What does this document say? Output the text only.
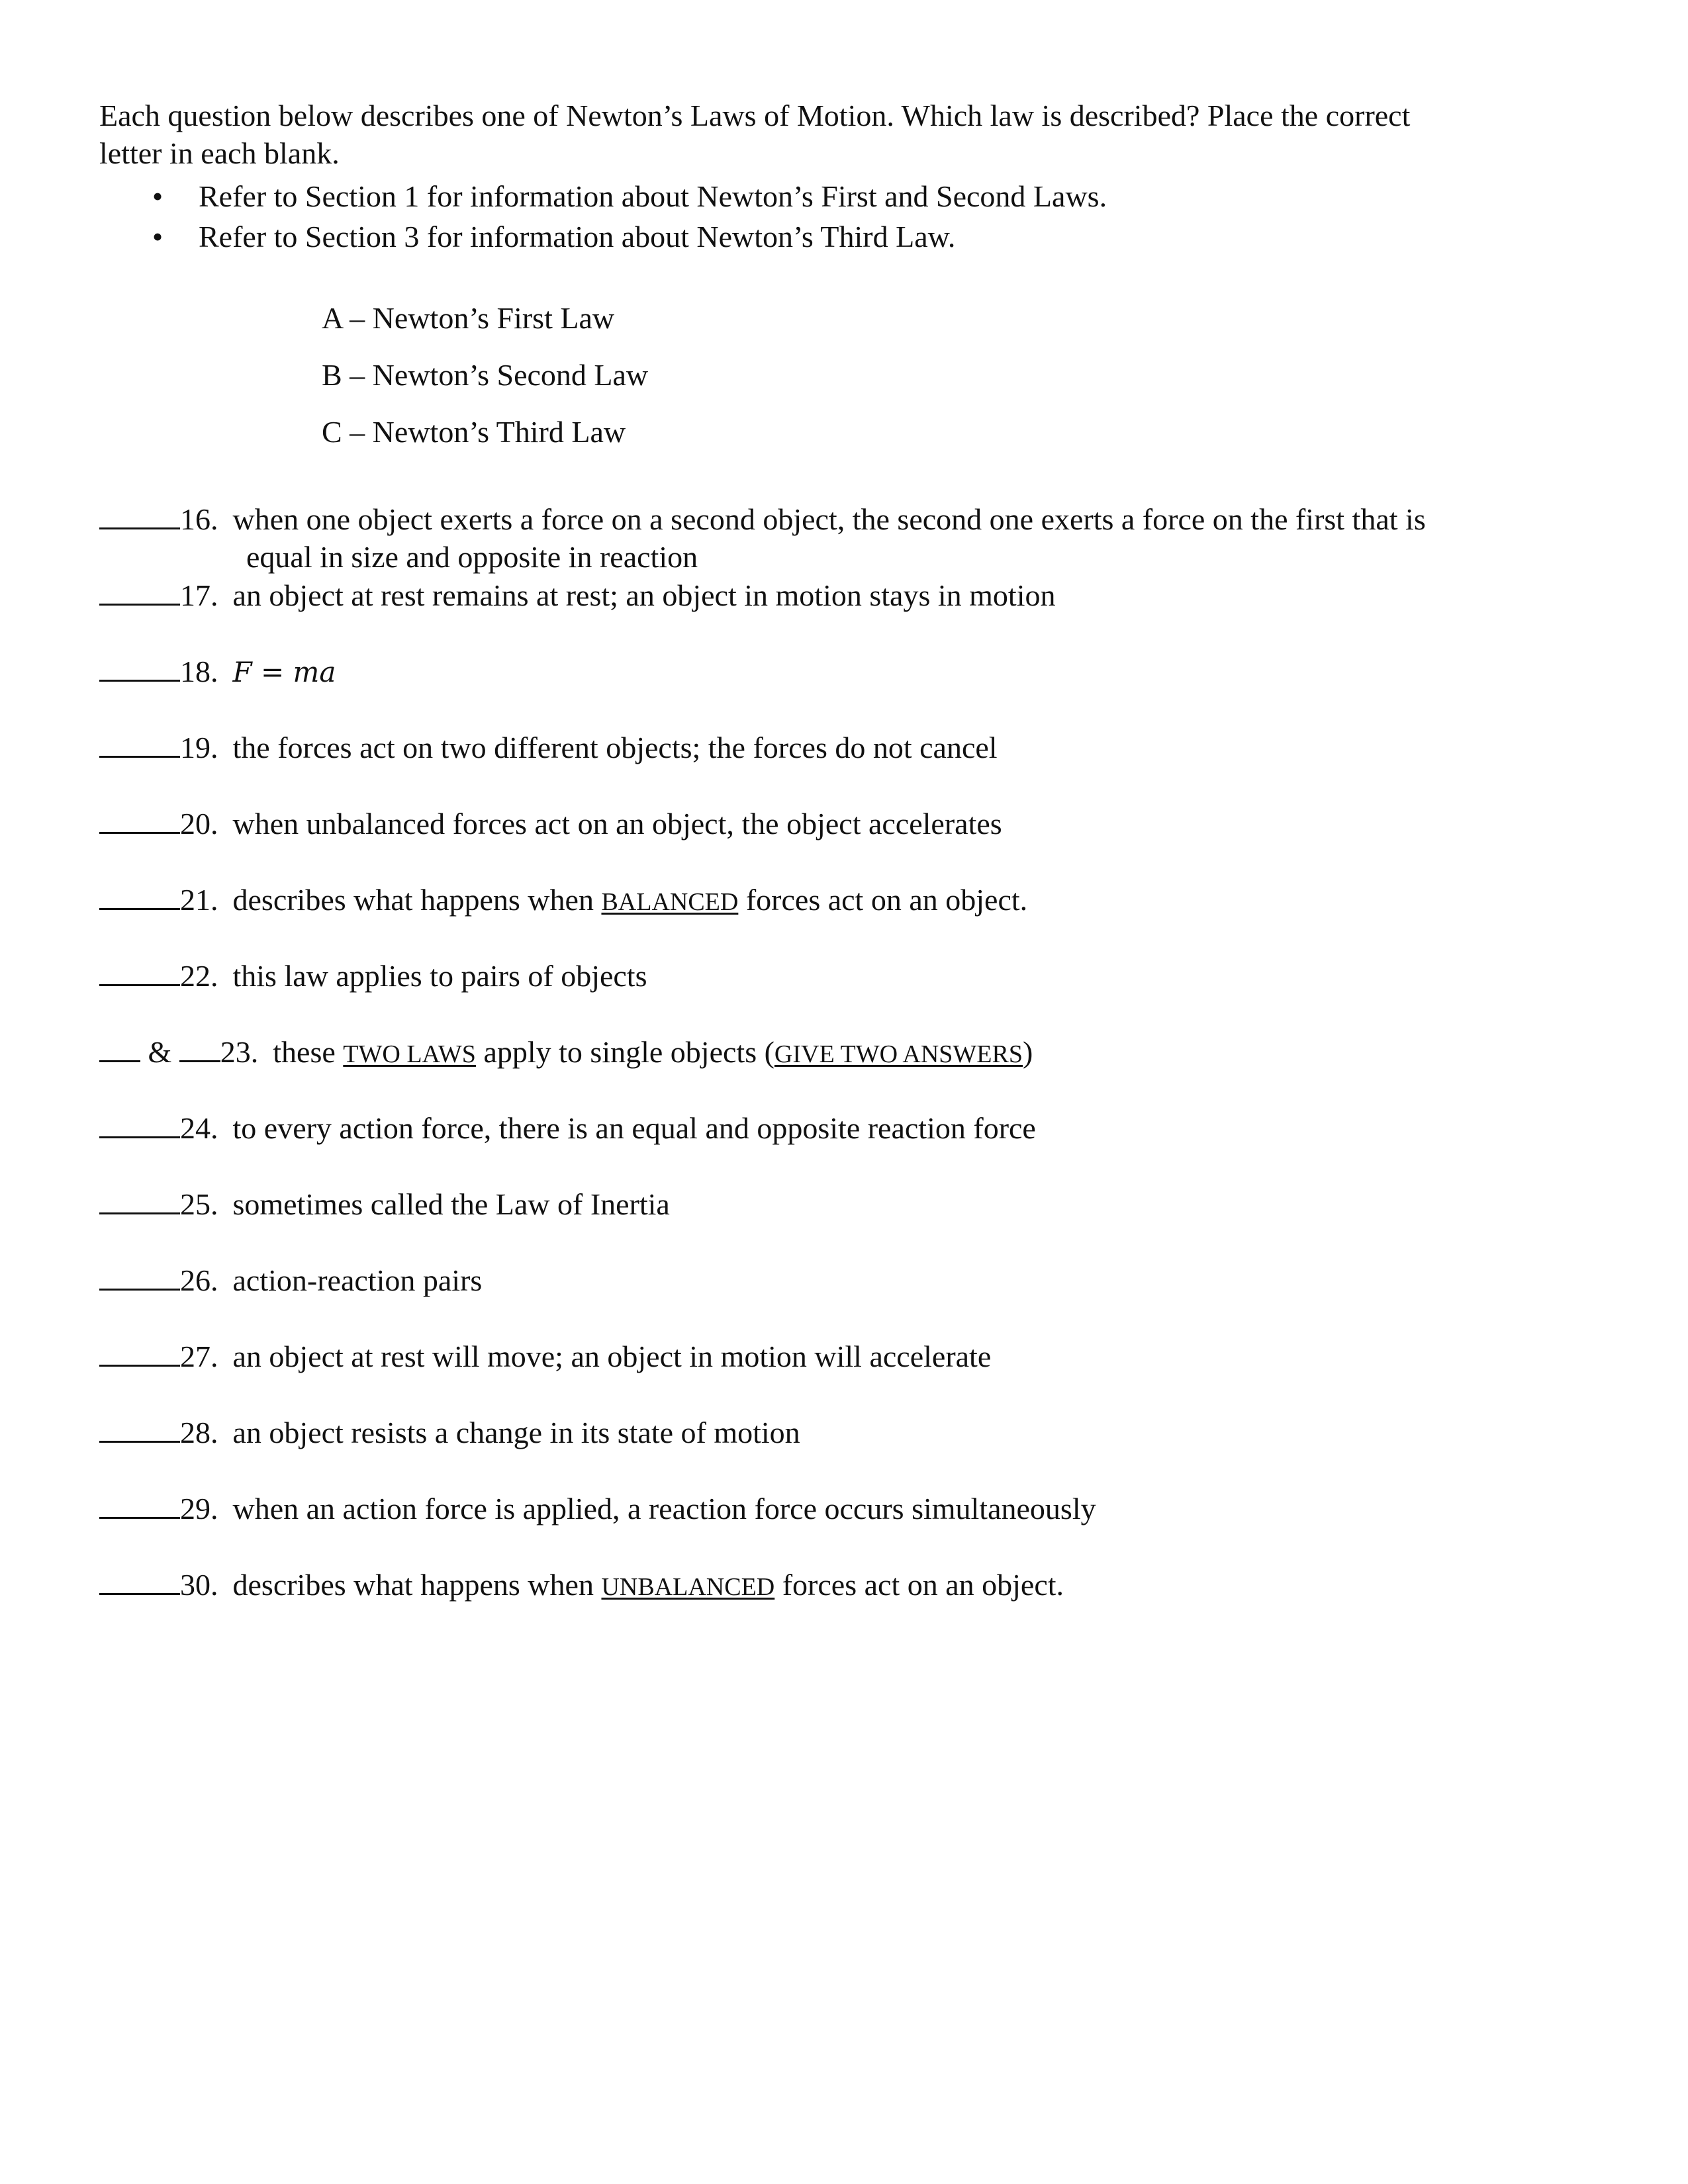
Each question below describes one of Newton’s Laws of Motion. Which law is described? Place the correct
letter in each blank.
• Refer to Section 1 for information about Newton’s First and Second Laws.
• Refer to Section 3 for information about Newton’s Third Law.
A – Newton’s First Law
B – Newton’s Second Law
C – Newton’s Third Law
16. when one object exerts a force on a second object, the second one exerts a force on the first that is
equal in size and opposite in reaction
17. an object at rest remains at rest; an object in motion stays in motion
18. F = ma
19. the forces act on two different objects; the forces do not cancel
20. when unbalanced forces act on an object, the object accelerates
21. describes what happens when BALANCED forces act on an object.
22. this law applies to pairs of objects
& 23. these TWO LAWS apply to single objects (GIVE TWO ANSWERS)
24. to every action force, there is an equal and opposite reaction force
25. sometimes called the Law of Inertia
26. action-reaction pairs
27. an object at rest will move; an object in motion will accelerate
28. an object resists a change in its state of motion
29. when an action force is applied, a reaction force occurs simultaneously
30. describes what happens when UNBALANCED forces act on an object.
